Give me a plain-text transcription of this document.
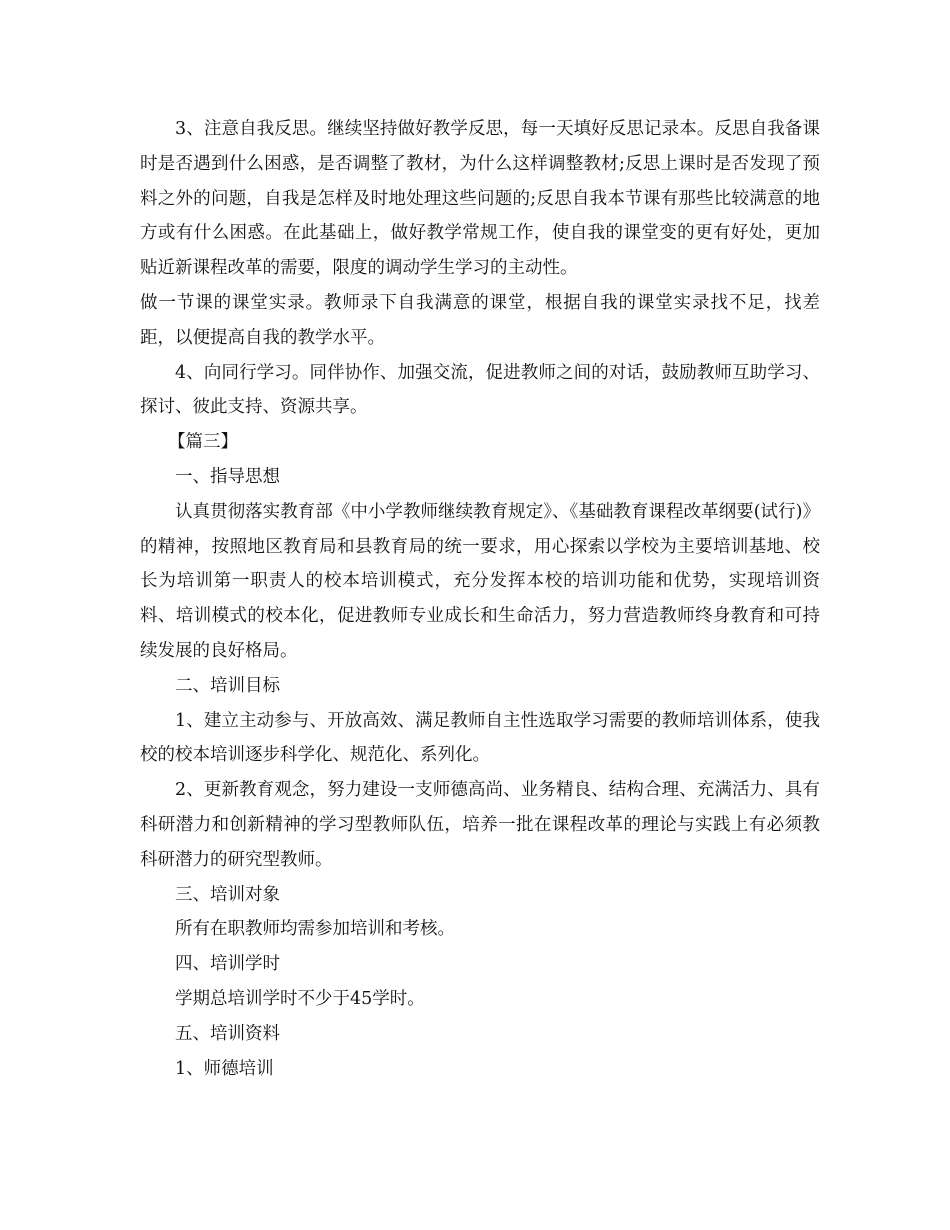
3、注意自我反思。继续坚持做好教学反思，每一天填好反思记录本。反思自我备课时是否遇到什么困惑，是否调整了教材，为什么这样调整教材;反思上课时是否发现了预料之外的问题，自我是怎样及时地处理这些问题的;反思自我本节课有那些比较满意的地方或有什么困惑。在此基础上，做好教学常规工作，使自我的课堂变的更有好处，更加贴近新课程改革的需要，限度的调动学生学习的主动性。

做一节课的课堂实录。教师录下自我满意的课堂，根据自我的课堂实录找不足，找差距，以便提高自我的教学水平。

4、向同行学习。同伴协作、加强交流，促进教师之间的对话，鼓励教师互助学习、探讨、彼此支持、资源共享。

【篇三】

一、指导思想

认真贯彻落实教育部《中小学教师继续教育规定》、《基础教育课程改革纲要(试行)》的精神，按照地区教育局和县教育局的统一要求，用心探索以学校为主要培训基地、校长为培训第一职责人的校本培训模式，充分发挥本校的培训功能和优势，实现培训资料、培训模式的校本化，促进教师专业成长和生命活力，努力营造教师终身教育和可持续发展的良好格局。

二、培训目标

1、建立主动参与、开放高效、满足教师自主性选取学习需要的教师培训体系，使我校的校本培训逐步科学化、规范化、系列化。

2、更新教育观念，努力建设一支师德高尚、业务精良、结构合理、充满活力、具有科研潜力和创新精神的学习型教师队伍，培养一批在课程改革的理论与实践上有必须教科研潜力的研究型教师。

三、培训对象

所有在职教师均需参加培训和考核。

四、培训学时

学期总培训学时不少于45学时。

五、培训资料

1、师德培训
